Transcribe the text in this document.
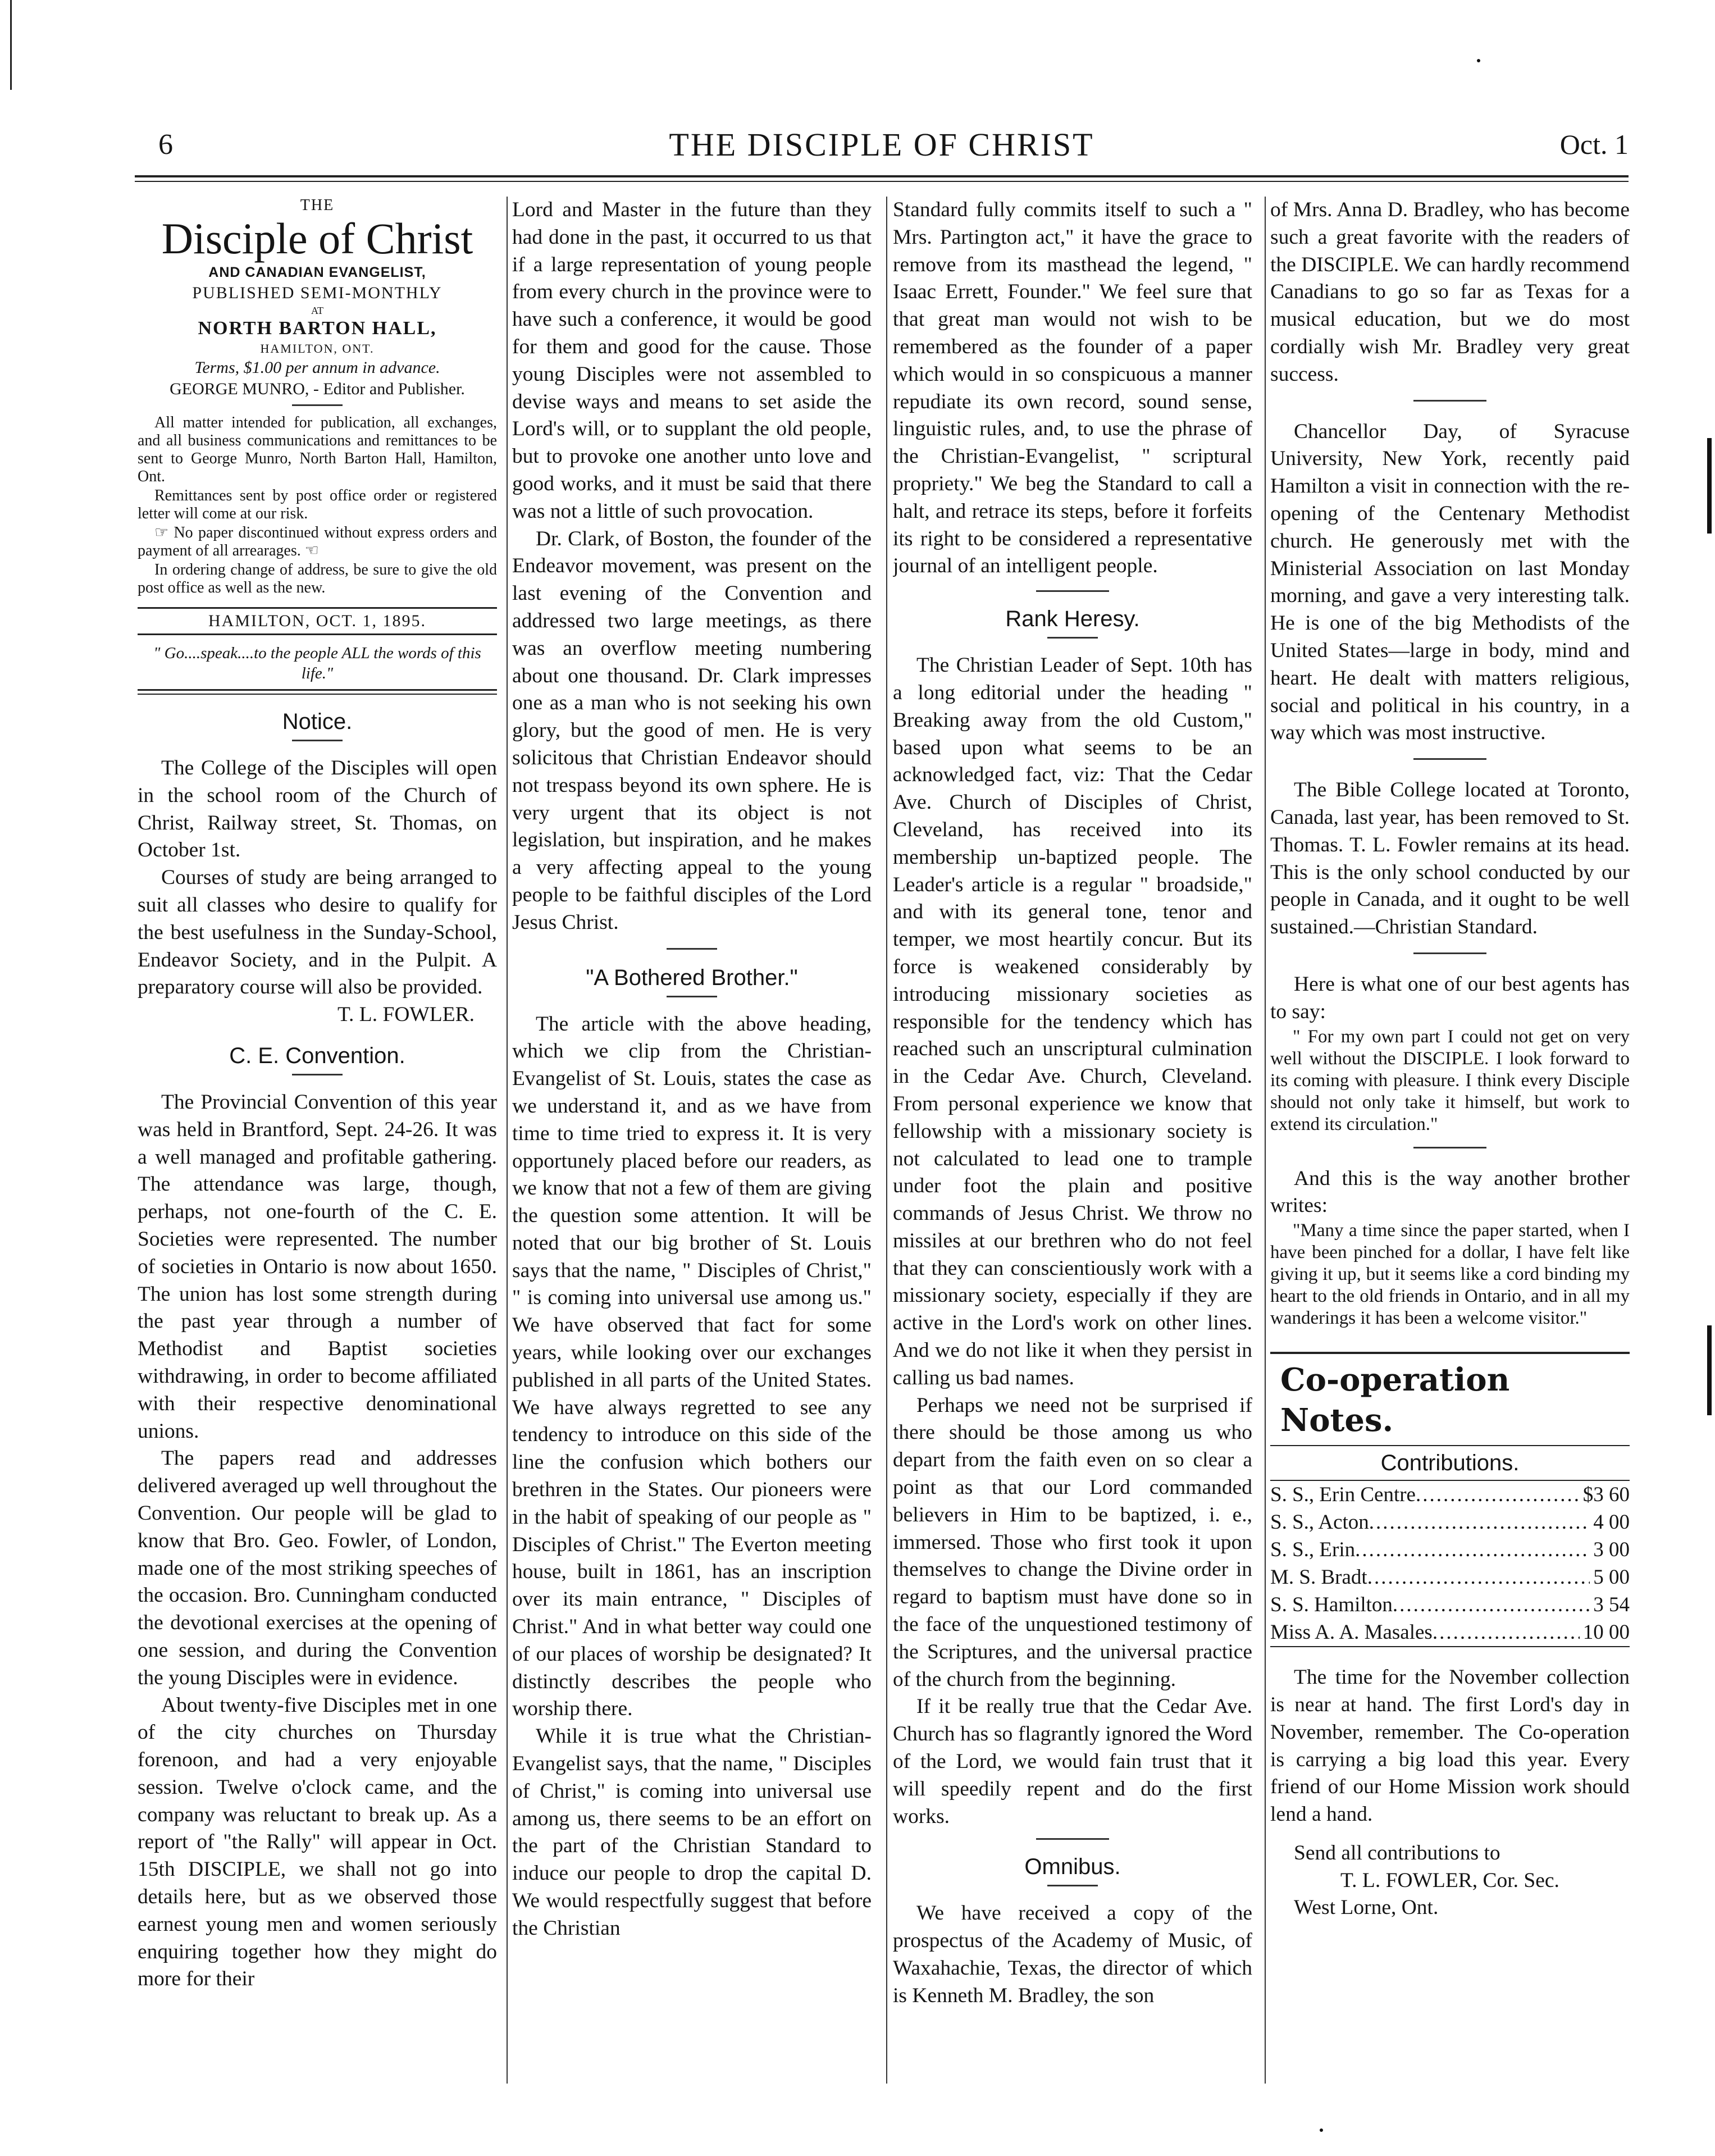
6	THE DISCIPLE OF CHRIST	Oct. 1
THE
Disciple of Christ
AND CANADIAN EVANGELIST,
PUBLISHED SEMI-MONTHLY
AT
NORTH BARTON HALL,
HAMILTON, ONT.
Terms, $1.00 per annum in advance.
GEORGE MUNRO, - Editor and Publisher.

All matter intended for publication, all exchanges, and all business communications and remittances to be sent to George Munro, North Barton Hall, Hamilton, Ont.

Remittances sent by post office order or registered letter will come at our risk.

☞ No paper discontinued without express orders and payment of all arrearages. ☜

In ordering change of address, be sure to give the old post office as well as the new.

HAMILTON, OCT. 1, 1895.
" Go....speak....to the people ALL the words of this life."
Notice.

The College of the Disciples will open in the school room of the Church of Christ, Railway street, St. Thomas, on October 1st.

Courses of study are being arranged to suit all classes who desire to qualify for the best usefulness in the Sunday-School, Endeavor Society, and in the Pulpit. A preparatory course will also be provided.

T. L. FOWLER.
C. E. Convention.

The Provincial Convention of this year was held in Brantford, Sept. 24-26. It was a well managed and profitable gathering. The attendance was large, though, perhaps, not one-fourth of the C. E. Societies were represented. The number of societies in Ontario is now about 1650. The union has lost some strength during the past year through a number of Methodist and Baptist societies withdrawing, in order to become affiliated with their respective denominational unions.

The papers read and addresses delivered averaged up well throughout the Convention. Our people will be glad to know that Bro. Geo. Fowler, of London, made one of the most striking speeches of the occasion. Bro. Cunningham conducted the devotional exercises at the opening of one session, and during the Convention the young Disciples were in evidence.

About twenty-five Disciples met in one of the city churches on Thursday forenoon, and had a very enjoyable session. Twelve o'clock came, and the company was reluctant to break up. As a report of "the Rally" will appear in Oct. 15th DISCIPLE, we shall not go into details here, but as we observed those earnest young men and women seriously enquiring together how they might do more for their

Lord and Master in the future than they had done in the past, it occurred to us that if a large representation of young people from every church in the province were to have such a conference, it would be good for them and good for the cause. Those young Disciples were not assembled to devise ways and means to set aside the Lord's will, or to supplant the old people, but to provoke one another unto love and good works, and it must be said that there was not a little of such provocation.

Dr. Clark, of Boston, the founder of the Endeavor movement, was present on the last evening of the Convention and addressed two large meetings, as there was an overflow meeting numbering about one thousand. Dr. Clark impresses one as a man who is not seeking his own glory, but the good of men. He is very solicitous that Christian Endeavor should not trespass beyond its own sphere. He is very urgent that its object is not legislation, but inspiration, and he makes a very affecting appeal to the young people to be faithful disciples of the Lord Jesus Christ.

"A Bothered Brother."

The article with the above heading, which we clip from the Christian-Evangelist of St. Louis, states the case as we understand it, and as we have from time to time tried to express it. It is very opportunely placed before our readers, as we know that not a few of them are giving the question some attention. It will be noted that our big brother of St. Louis says that the name, " Disciples of Christ," " is coming into universal use among us." We have observed that fact for some years, while looking over our exchanges published in all parts of the United States. We have always regretted to see any tendency to introduce on this side of the line the confusion which bothers our brethren in the States. Our pioneers were in the habit of speaking of our people as " Disciples of Christ." The Everton meeting house, built in 1861, has an inscription over its main entrance, " Disciples of Christ." And in what better way could one of our places of worship be designated? It distinctly describes the people who worship there.

While it is true what the Christian-Evangelist says, that the name, " Disciples of Christ," is coming into universal use among us, there seems to be an effort on the part of the Christian Standard to induce our people to drop the capital D. We would respectfully suggest that before the Christian

Standard fully commits itself to such a " Mrs. Partington act," it have the grace to remove from its masthead the legend, " Isaac Errett, Founder." We feel sure that that great man would not wish to be remembered as the founder of a paper which would in so conspicuous a manner repudiate its own record, sound sense, linguistic rules, and, to use the phrase of the Christian-Evangelist, " scriptural propriety." We beg the Standard to call a halt, and retrace its steps, before it forfeits its right to be considered a representative journal of an intelligent people.

Rank Heresy.

The Christian Leader of Sept. 10th has a long editorial under the heading " Breaking away from the old Custom," based upon what seems to be an acknowledged fact, viz: That the Cedar Ave. Church of Disciples of Christ, Cleveland, has received into its membership un-baptized people. The Leader's article is a regular " broadside," and with its general tone, tenor and temper, we most heartily concur. But its force is weakened considerably by introducing missionary societies as responsible for the tendency which has reached such an unscriptural culmination in the Cedar Ave. Church, Cleveland. From personal experience we know that fellowship with a missionary society is not calculated to lead one to trample under foot the plain and positive commands of Jesus Christ. We throw no missiles at our brethren who do not feel that they can conscientiously work with a missionary society, especially if they are active in the Lord's work on other lines. And we do not like it when they persist in calling us bad names.

Perhaps we need not be surprised if there should be those among us who depart from the faith even on so clear a point as that our Lord commanded believers in Him to be baptized, i. e., immersed. Those who first took it upon themselves to change the Divine order in regard to baptism must have done so in the face of the unquestioned testimony of the Scriptures, and the universal practice of the church from the beginning.

If it be really true that the Cedar Ave. Church has so flagrantly ignored the Word of the Lord, we would fain trust that it will speedily repent and do the first works.

Omnibus.

We have received a copy of the prospectus of the Academy of Music, of Waxahachie, Texas, the director of which is Kenneth M. Bradley, the son

of Mrs. Anna D. Bradley, who has become such a great favorite with the readers of the DISCIPLE. We can hardly recommend Canadians to go so far as Texas for a musical education, but we do most cordially wish Mr. Bradley very great success.

Chancellor Day, of Syracuse University, New York, recently paid Hamilton a visit in connection with the re-opening of the Centenary Methodist church. He generously met with the Ministerial Association on last Monday morning, and gave a very interesting talk. He is one of the big Methodists of the United States—large in body, mind and heart. He dealt with matters religious, social and political in his country, in a way which was most instructive.

The Bible College located at Toronto, Canada, last year, has been removed to St. Thomas. T. L. Fowler remains at its head. This is the only school conducted by our people in Canada, and it ought to be well sustained.—Christian Standard.

Here is what one of our best agents has to say:

" For my own part I could not get on very well without the DISCIPLE. I look forward to its coming with pleasure. I think every Disciple should not only take it himself, but work to extend its circulation."

And this is the way another brother writes:

"Many a time since the paper started, when I have been pinched for a dollar, I have felt like giving it up, but it seems like a cord binding my heart to the old friends in Ontario, and in all my wanderings it has been a welcome visitor."

Co-operation Notes.
Contributions.
S. S., Erin Centre .....	$3 60
S. S., Acton .....	4 00
S. S., Erin .....	3 00
M. S. Bradt .....	5 00
S. S. Hamilton .....	3 54
Miss A. A. Masales .....	10 00

The time for the November collection is near at hand. The first Lord's day in November, remember. The Co-operation is carrying a big load this year. Every friend of our Home Mission work should lend a hand.

Send all contributions to

T. L. FOWLER, Cor. Sec.

West Lorne, Ont.
